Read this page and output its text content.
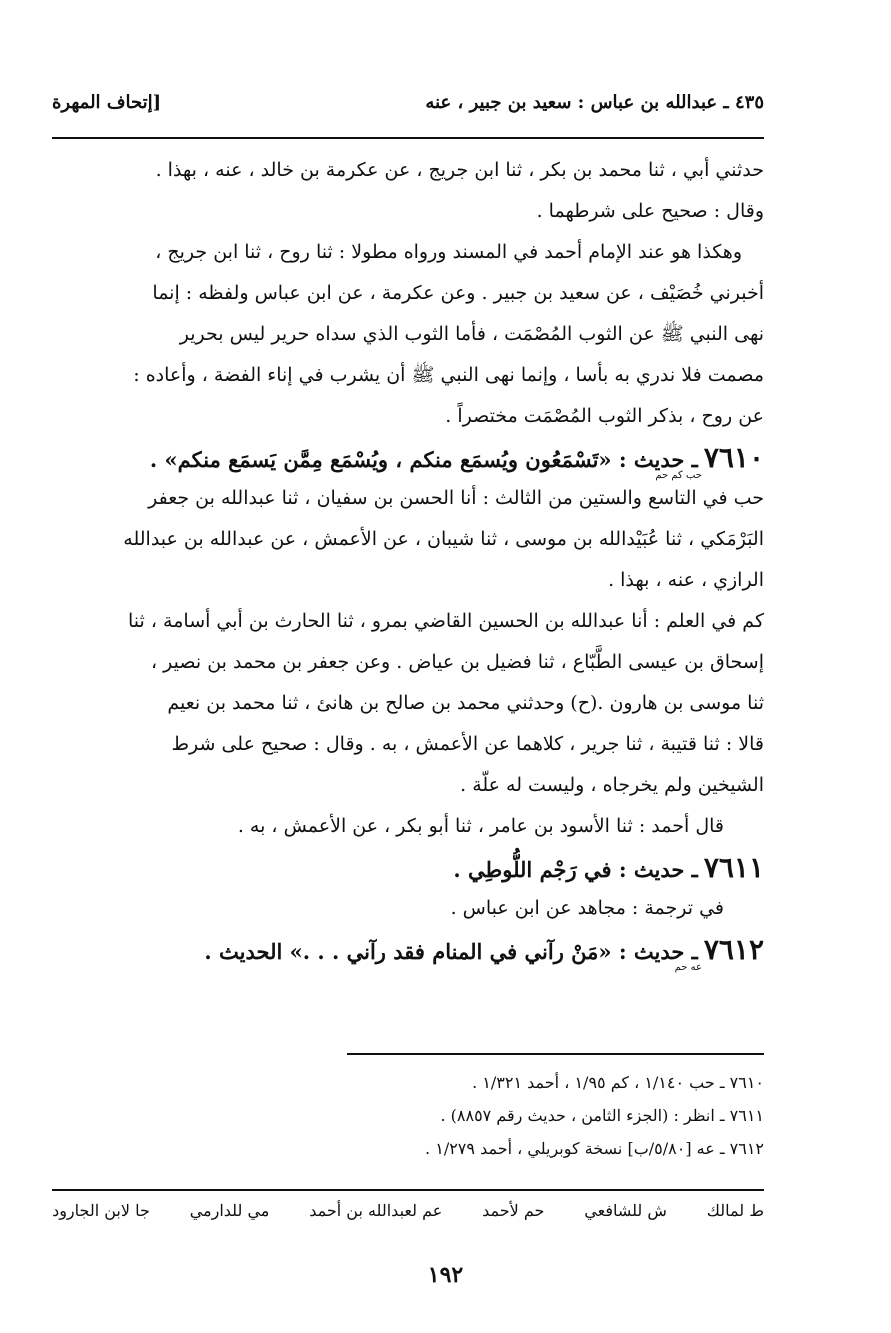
٤٣٥ ـ عبدالله بن عباس : سعيد بن جبير ، عنه
[إتحاف المهرة
حدثني أبي ، ثنا محمد بن بكر ، ثنا ابن جريج ، عن عكرمة بن خالد ، عنه ، بهذا .
وقال : صحيح على شرطهما .
وهكذا هو عند الإمام أحمد في المسند ورواه مطولا : ثنا روح ، ثنا ابن جريج ،
أخبرني خُصَيْف ، عن سعيد بن جبير . وعن عكرمة ، عن ابن عباس ولفظه : إنما
نهى النبي ﷺ عن الثوب المُصْمَت ، فأما الثوب الذي سداه حرير ليس بحرير
مصمت فلا ندري به بأسا ، وإنما نهى النبي ﷺ أن يشرب في إناء الفضة ، وأعاده :
عن روح ، بذكر الثوب المُصْمَت مختصراً .
٧٦١٠ـ حديث : «تَسْمَعُون ويُسمَع منكم ، ويُسْمَع مِمَّن يَسمَع منكم» .
حب كم حم
حب في التاسع والستين من الثالث : أنا الحسن بن سفيان ، ثنا عبدالله بن جعفر
البَرْمَكي ، ثنا عُبَيْدالله بن موسى ، ثنا شيبان ، عن الأعمش ، عن عبدالله بن عبدالله
الرازي ، عنه ، بهذا .
كم في العلم : أنا عبدالله بن الحسين القاضي بمرو ، ثنا الحارث بن أبي أسامة ، ثنا
إسحاق بن عيسى الطَّبّاع ، ثنا فضيل بن عياض . وعن جعفر بن محمد بن نصير ،
ثنا موسى بن هارون .(ح) وحدثني محمد بن صالح بن هانئ ، ثنا محمد بن نعيم
قالا : ثنا قتيبة ، ثنا جرير ، كلاهما عن الأعمش ، به . وقال : صحيح على شرط
الشيخين ولم يخرجاه ، وليست له علّة .
قال أحمد : ثنا الأسود بن عامر ، ثنا أبو بكر ، عن الأعمش ، به .
٧٦١١ـ حديث : في رَجْم اللُّوطِي .
في ترجمة : مجاهد عن ابن عباس .
٧٦١٢ـ حديث : «مَنْ رآني في المنام فقد رآني . . .» الحديث .
عه حم
٧٦١٠ ـ حب ١/١٤٠ ، كم ١/٩٥ ، أحمد ١/٣٢١ .
٧٦١١ ـ انظر : (الجزء الثامن ، حديث رقم ٨٨٥٧) .
٧٦١٢ ـ عه [٥/٨٠/ب] نسخة كوبريلي ، أحمد ١/٢٧٩ .
ط لمالك
ش للشافعي
حم لأحمد
عم لعبدالله بن أحمد
مي للدارمي
جا لابن الجارود
١٩٢
